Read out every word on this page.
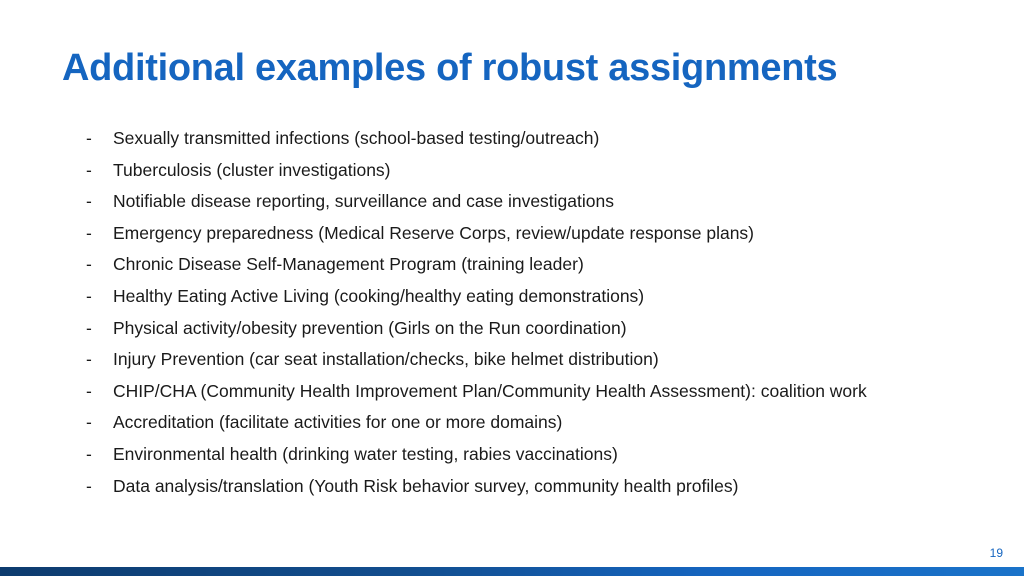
Additional examples of robust assignments
-	Sexually transmitted infections (school-based testing/outreach)
-	Tuberculosis (cluster investigations)
-	Notifiable disease reporting, surveillance and case investigations
-	Emergency preparedness (Medical Reserve Corps, review/update response plans)
-	Chronic Disease Self-Management Program (training leader)
-	Healthy Eating Active Living (cooking/healthy eating demonstrations)
-	Physical activity/obesity prevention (Girls on the Run coordination)
-	Injury Prevention (car seat installation/checks, bike helmet distribution)
-	CHIP/CHA (Community Health Improvement Plan/Community Health Assessment): coalition work
-	Accreditation (facilitate activities for one or more domains)
-	Environmental health (drinking water testing, rabies vaccinations)
-	Data analysis/translation (Youth Risk behavior survey, community health profiles)
19
